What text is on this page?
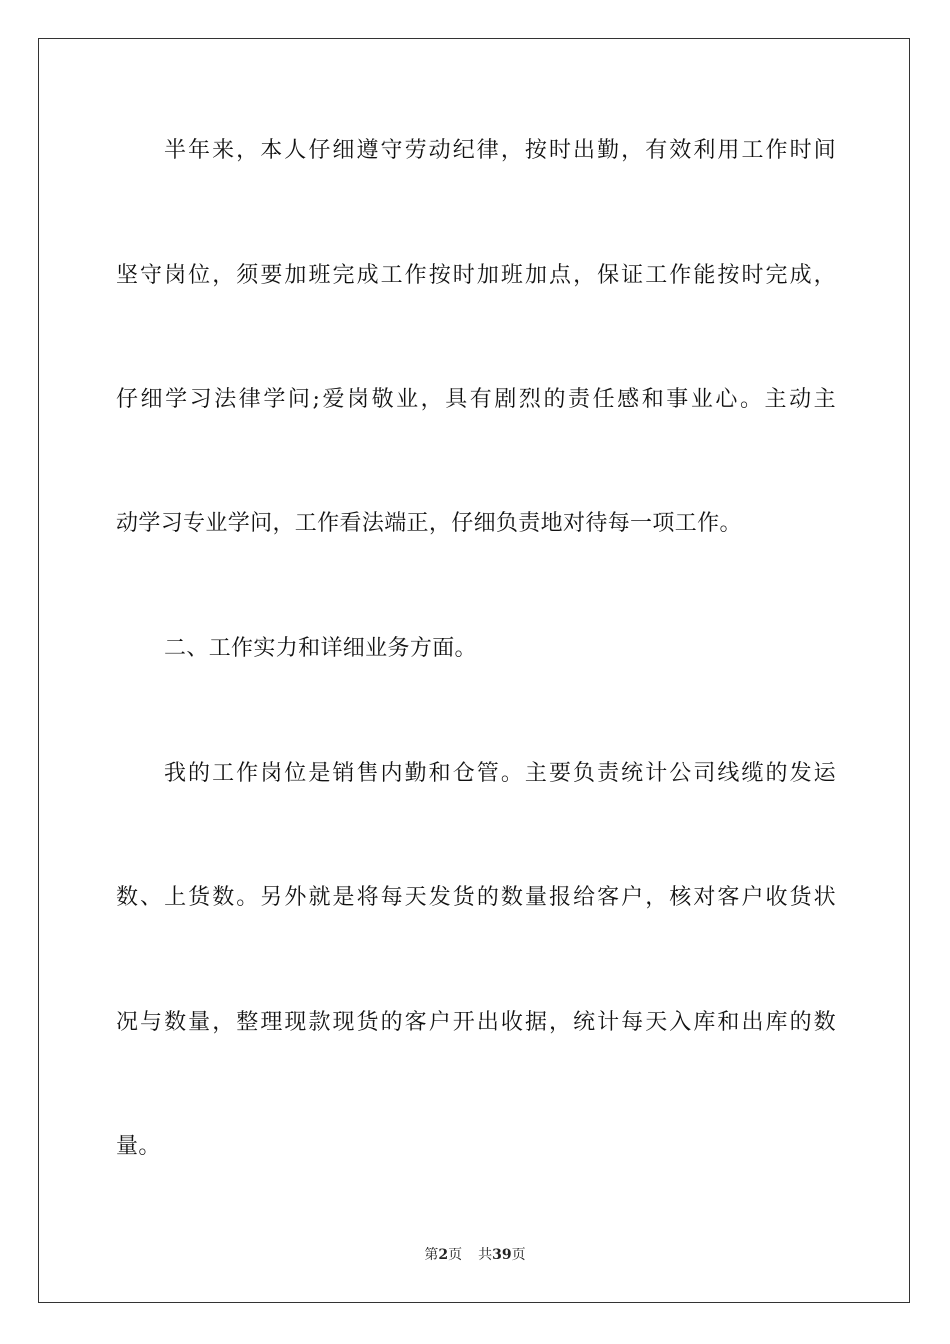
半年来，本人仔细遵守劳动纪律，按时出勤，有效利用工作时间
坚守岗位，须要加班完成工作按时加班加点，保证工作能按时完成，
仔细学习法律学问;爱岗敬业，具有剧烈的责任感和事业心。主动主
动学习专业学问，工作看法端正，仔细负责地对待每一项工作。
二、工作实力和详细业务方面。
我的工作岗位是销售内勤和仓管。主要负责统计公司线缆的发运
数、上货数。另外就是将每天发货的数量报给客户，核对客户收货状
况与数量，整理现款现货的客户开出收据，统计每天入库和出库的数
量。
第2页 共39页
